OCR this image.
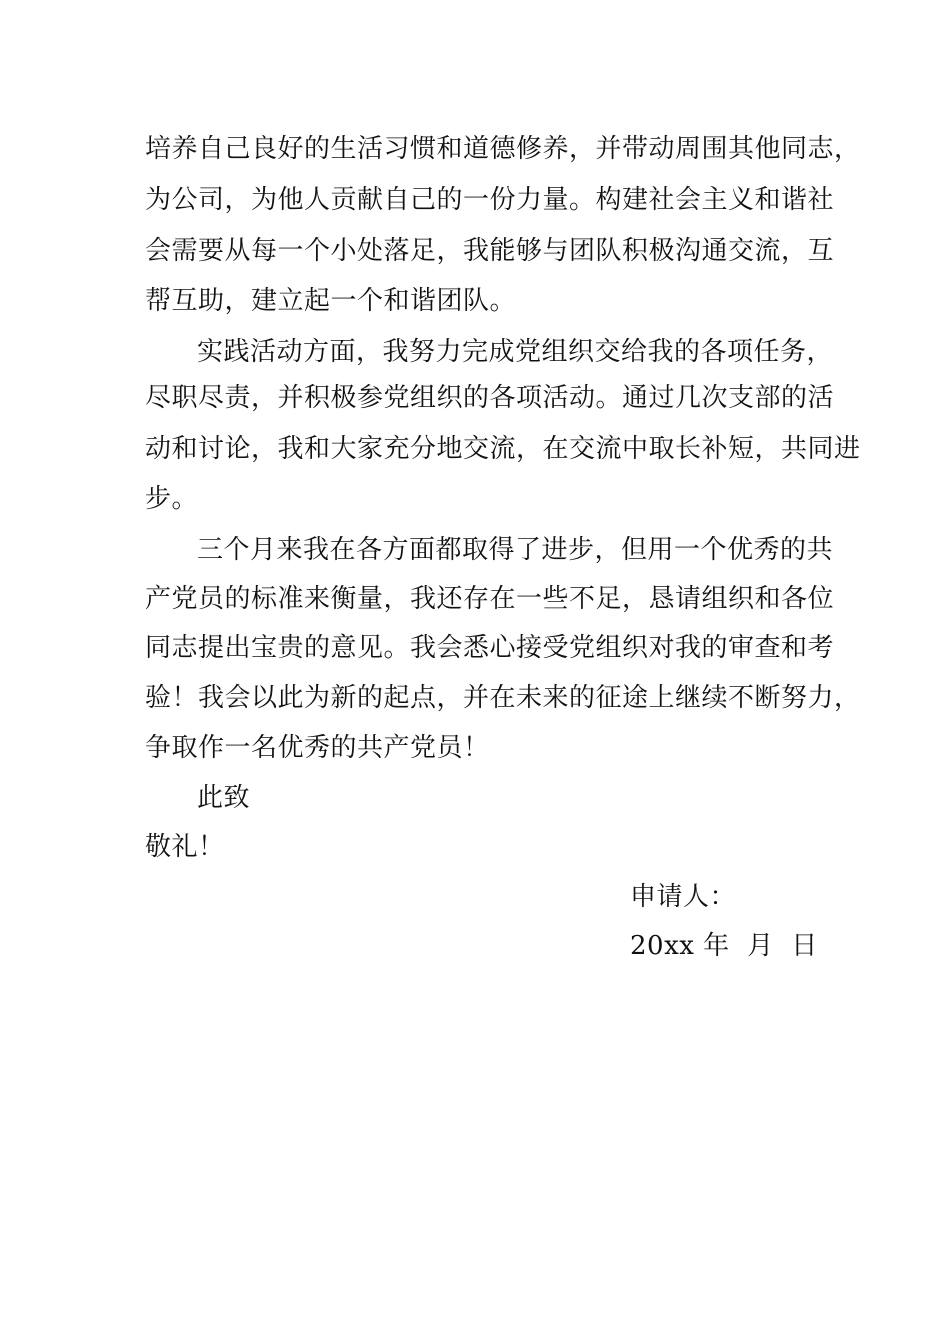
培养自己良好的生活习惯和道德修养，并带动周围其他同志，
为公司，为他人贡献自己的一份力量。构建社会主义和谐社
会需要从每一个小处落足，我能够与团队积极沟通交流，互
帮互助，建立起一个和谐团队。
实践活动方面，我努力完成党组织交给我的各项任务，
尽职尽责，并积极参党组织的各项活动。通过几次支部的活
动和讨论，我和大家充分地交流，在交流中取长补短，共同进
步。
三个月来我在各方面都取得了进步，但用一个优秀的共
产党员的标准来衡量，我还存在一些不足，恳请组织和各位
同志提出宝贵的意见。我会悉心接受党组织对我的审查和考
验！我会以此为新的起点，并在未来的征途上继续不断努力，
争取作一名优秀的共产党员！
此致
敬礼！
申请人：
20xx 年  月  日
